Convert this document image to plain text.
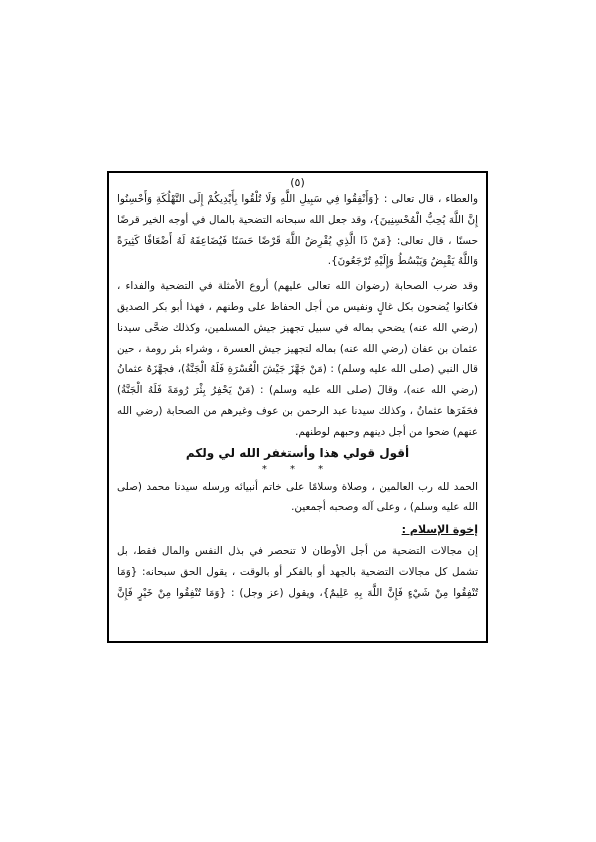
(٥)

والعطاء ، قال تعالى : {وَأَنْفِقُوا فِي سَبِيلِ اللَّهِ وَلَا تُلْقُوا بِأَيْدِيكُمْ إِلَى التَّهْلُكَةِ وَأَحْسِنُوا إِنَّ اللَّهَ يُحِبُّ الْمُحْسِنِينَ}، وقد جعل الله سبحانه التضحية بالمال في أوجه الخير قرضًا حسنًا ، قال تعالى: {مَنْ ذَا الَّذِي يُقْرِضُ اللَّهَ قَرْضًا حَسَنًا فَيُضَاعِفَهُ لَهُ أَضْعَافًا كَثِيرَةً وَاللَّهُ يَقْبِضُ وَيَبْسُطُ وَإِلَيْهِ تُرْجَعُونَ}.

وقد ضرب الصحابة (رضوان الله تعالى عليهم) أروع الأمثلة في التضحية والفداء ، فكانوا يُضحون بكل غالٍ ونفيس من أجل الحفاظ على وطنهم ، فهذا أبو بكر الصديق (رضي الله عنه) يضحي بماله في سبيل تجهيز جيش المسلمين، وكذلك ضحَّى سيدنا عثمان بن عفان (رضي الله عنه) بماله لتجهيز جيش العسرة ، وشراء بئر رومة ، حين قال النبي (صلى الله عليه وسلم) : (مَنْ جَهَّزَ جَيْشَ الْعُسْرَةِ فَلَهُ الْجَنَّةُ)، فجهَّزَهُ عثمانُ (رضي الله عنه)، وقالَ (صلى الله عليه وسلم) : (مَنْ يَحْفِرُ بِئْرَ رُومَةَ فَلَهُ الْجَنَّةُ) فحَفَرَها عثمانُ ، وكذلك سيدنا عبد الرحمن بن عوف وغيرهم من الصحابة (رضي الله عنهم) ضحوا من أجل دينهم وحبهم لوطنهم.

أقول قولي هذا وأستغفر الله لي ولكم

* * *

الحمد لله رب العالمين ، وصلاة وسلامًا على خاتم أنبيائه ورسله سيدنا محمد (صلى الله عليه وسلم) ، وعلى آله وصحبه أجمعين.

إخوة الإسلام :

إن مجالات التضحية من أجل الأوطان لا تنحصر في بذل النفس والمال فقط، بل تشمل كل مجالات التضحية بالجهد أو بالفكر أو بالوقت ، يقول الحق سبحانه: {وَمَا تُنْفِقُوا مِنْ شَيْءٍ فَإِنَّ اللَّهَ بِهِ عَلِيمٌ}، ويقول (عز وجل) : {وَمَا تُنْفِقُوا مِنْ خَيْرٍ فَإِنَّ
